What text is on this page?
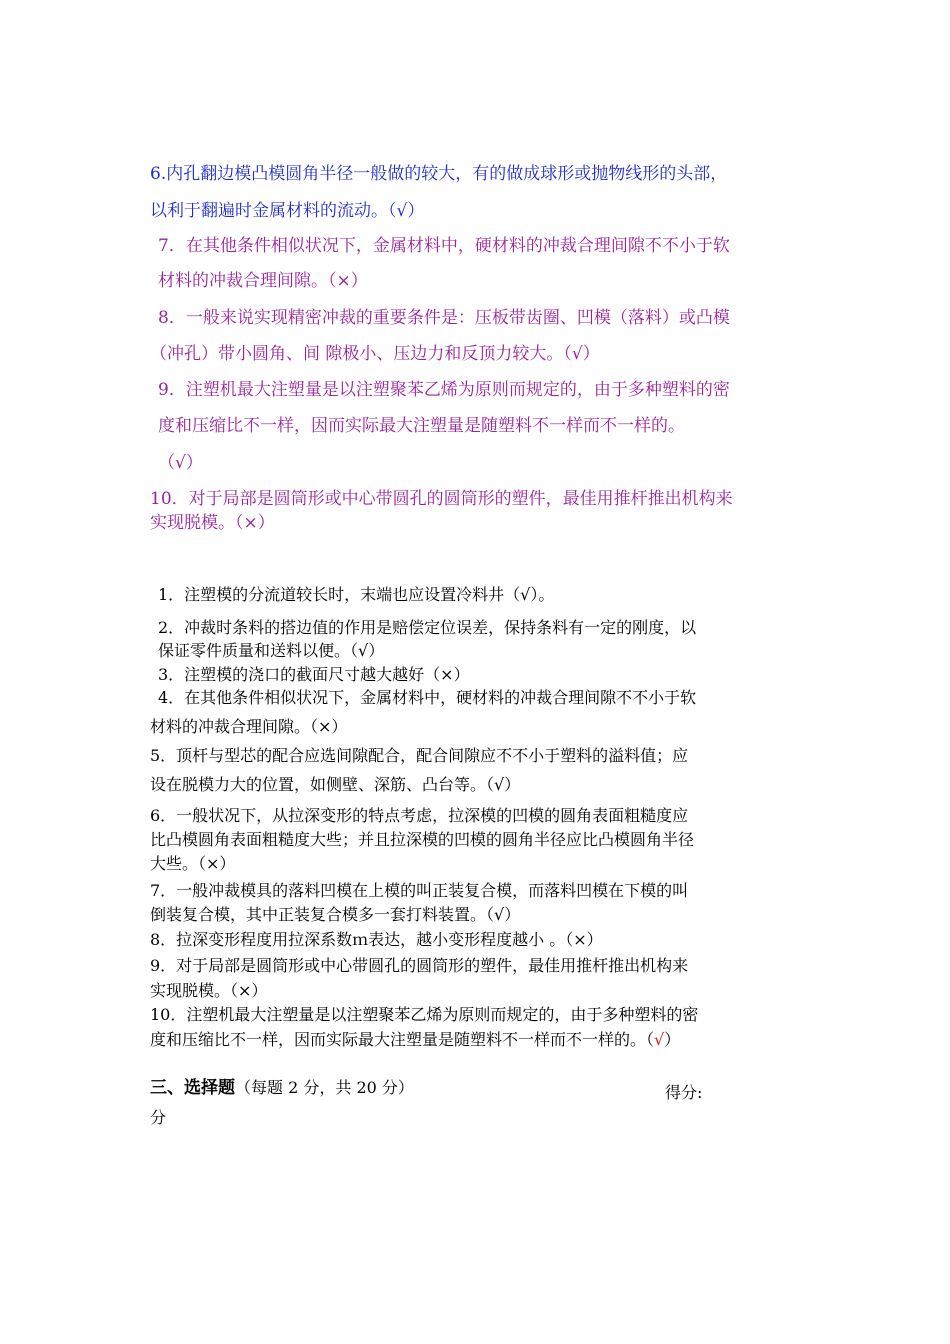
6.内孔翻边模凸模圆角半径一般做的较大，有的做成球形或抛物线形的头部，
以利于翻遍时金属材料的流动。（√）
7．在其他条件相似状况下，金属材料中，硬材料的冲裁合理间隙不不小于软
材料的冲裁合理间隙。（×）
8．一般来说实现精密冲裁的重要条件是：压板带齿圈、凹模（落料）或凸模
（冲孔）带小圆角、间 隙极小、压边力和反顶力较大。（√）
9．注塑机最大注塑量是以注塑聚苯乙烯为原则而规定的，由于多种塑料的密
度和压缩比不一样，因而实际最大注塑量是随塑料不一样而不一样的。
（√）
10．对于局部是圆筒形或中心带圆孔的圆筒形的塑件，最佳用推杆推出机构来
实现脱模。（×）
1．注塑模的分流道较长时，末端也应设置冷料井（√）。
2．冲裁时条料的搭边值的作用是赔偿定位误差，保持条料有一定的刚度，以
保证零件质量和送料以便。（√）
3．注塑模的浇口的截面尺寸越大越好（×）
4．在其他条件相似状况下，金属材料中，硬材料的冲裁合理间隙不不小于软
材料的冲裁合理间隙。（×）
5．顶杆与型芯的配合应选间隙配合，配合间隙应不不小于塑料的溢料值；应
设在脱模力大的位置，如侧壁、深筋、凸台等。（√）
6．一般状况下，从拉深变形的特点考虑，拉深模的凹模的圆角表面粗糙度应
比凸模圆角表面粗糙度大些；并且拉深模的凹模的圆角半径应比凸模圆角半径
大些。（×）
7．一般冲裁模具的落料凹模在上模的叫正装复合模，而落料凹模在下模的叫
倒装复合模，其中正装复合模多一套打料装置。（√）
8．拉深变形程度用拉深系数ｍ表达，越小变形程度越小 。（×）
9．对于局部是圆筒形或中心带圆孔的圆筒形的塑件，最佳用推杆推出机构来
实现脱模。（×）
10．注塑机最大注塑量是以注塑聚苯乙烯为原则而规定的，由于多种塑料的密
度和压缩比不一样，因而实际最大注塑量是随塑料不一样而不一样的。（√）
三、选择题（每题 2 分，共 20 分）	得分:
分
